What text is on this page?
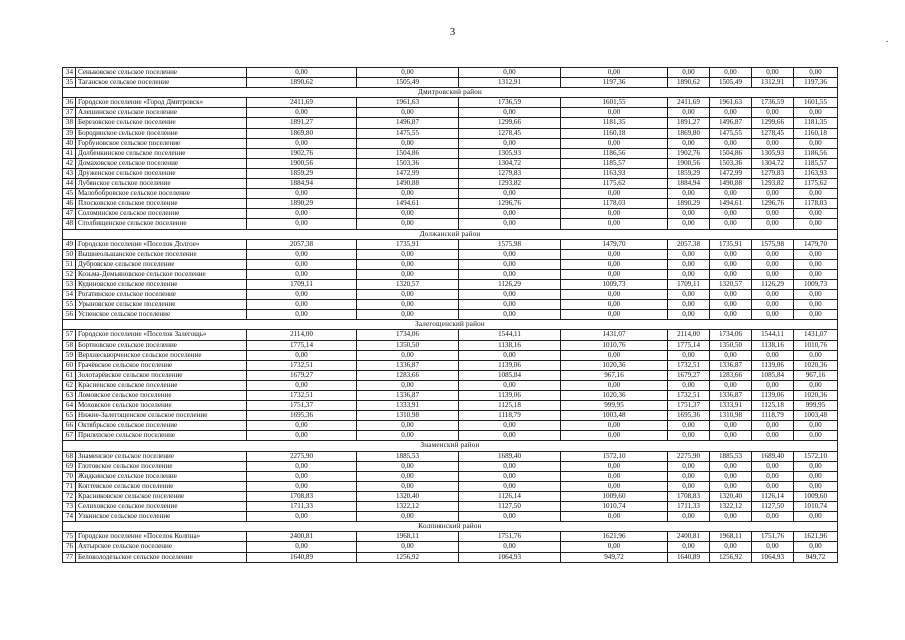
3
.
34	Сеньковское сельское поселение	0,00	0,00	0,00	0,00	0,00	0,00	0,00	0,00
35	Таганское сельское поселение	1890,62	1505,49	1312,91	1197,36	1890,62	1505,49	1312,91	1197,36
Дмитровский район									
36	Городское поселение «Город Дмитровск»	2411,69	1961,63	1736,59	1601,55	2411,69	1961,63	1736,59	1601,55
37	Алешинское сельское поселение	0,00	0,00	0,00	0,00	0,00	0,00	0,00	0,00
38	Березовское сельское поселение	1891,27	1496,87	1299,66	1181,35	1891,27	1496,87	1299,66	1181,35
39	Бородинское сельское поселение	1869,80	1475,55	1278,45	1160,18	1869,80	1475,55	1278,45	1160,18
40	Горбуновское сельское поселение	0,00	0,00	0,00	0,00	0,00	0,00	0,00	0,00
41	Долбенкинское сельское поселение	1902,76	1504,86	1305,93	1186,56	1902,76	1504,86	1305,93	1186,56
42	Домаховское сельское поселение	1900,56	1503,36	1304,72	1185,57	1900,56	1503,36	1304,72	1185,57
43	Друженское сельское поселение	1859,29	1472,99	1279,83	1163,93	1859,29	1472,99	1279,83	1163,93
44	Лубянское сельское поселение	1884,94	1490,88	1293,82	1175,62	1884,94	1490,88	1293,82	1175,62
45	Малобобровское сельское поселение	0,00	0,00	0,00	0,00	0,00	0,00	0,00	0,00
46	Плосковское сельское поселение	1890,29	1494,61	1296,76	1178,03	1890,29	1494,61	1296,76	1178,03
47	Соломинское сельское поселение	0,00	0,00	0,00	0,00	0,00	0,00	0,00	0,00
48	Столбищенское сельское поселение	0,00	0,00	0,00	0,00	0,00	0,00	0,00	0,00
Должанский район									
49	Городское поселение «Поселок Долгое»	2057,38	1735,91	1575,98	1479,70	2057,38	1735,91	1575,98	1479,70
50	Вышнеольшанское сельское поселение	0,00	0,00	0,00	0,00	0,00	0,00	0,00	0,00
51	Дубровское сельское поселение	0,00	0,00	0,00	0,00	0,00	0,00	0,00	0,00
52	Козьма-Демьяновское сельское поселение	0,00	0,00	0,00	0,00	0,00	0,00	0,00	0,00
53	Кудиновское сельское поселение	1709,11	1320,57	1126,29	1009,73	1709,11	1320,57	1126,29	1009,73
54	Рогатинское сельское поселение	0,00	0,00	0,00	0,00	0,00	0,00	0,00	0,00
55	Урыновское сельское поселение	0,00	0,00	0,00	0,00	0,00	0,00	0,00	0,00
56	Успенское сельское поселение	0,00	0,00	0,00	0,00	0,00	0,00	0,00	0,00
Залегощенский район									
57	Городское поселение «Поселок Залегощь»	2114,00	1734,06	1544,11	1431,07	2114,00	1734,06	1544,11	1431,07
58	Бортновское сельское поселение	1775,14	1350,50	1138,16	1010,76	1775,14	1350,50	1138,16	1010,76
59	Верхнескворченское сельское поселение	0,00	0,00	0,00	0,00	0,00	0,00	0,00	0,00
60	Грачёвское сельское поселение	1732,51	1336,87	1139,06	1020,36	1732,51	1336,87	1139,06	1020,36
61	Золотарёвское сельское поселение	1679,27	1283,66	1085,84	967,16	1679,27	1283,66	1085,84	967,16
62	Красненское сельское поселение	0,00	0,00	0,00	0,00	0,00	0,00	0,00	0,00
63	Ломовское сельское поселение	1732,51	1336,87	1139,06	1020,36	1732,51	1336,87	1139,06	1020,36
64	Моховское сельское поселение	1751,37	1333,91	1125,18	999,95	1751,37	1333,91	1125,18	999,95
65	Нижне-Залегощенское сельское поселение	1695,36	1310,98	1118,79	1003,48	1695,36	1310,98	1118,79	1003,48
66	Октябрьское сельское поселение	0,00	0,00	0,00	0,00	0,00	0,00	0,00	0,00
67	Прилепское сельское поселение	0,00	0,00	0,00	0,00	0,00	0,00	0,00	0,00
Знаменский район									
68	Знаменское сельское поселение	2275,90	1885,53	1689,40	1572,10	2275,90	1885,53	1689,40	1572,10
69	Глотовское сельское поселение	0,00	0,00	0,00	0,00	0,00	0,00	0,00	0,00
70	Жидкинское сельское поселение	0,00	0,00	0,00	0,00	0,00	0,00	0,00	0,00
71	Коптевское сельское поселение	0,00	0,00	0,00	0,00	0,00	0,00	0,00	0,00
72	Красниковское сельское поселение	1708,83	1320,40	1126,14	1009,60	1708,83	1320,40	1126,14	1009,60
73	Селиховское сельское поселение	1711,33	1322,12	1127,50	1010,74	1711,33	1322,12	1127,50	1010,74
74	Узкинское сельское поселение	0,00	0,00	0,00	0,00	0,00	0,00	0,00	0,00
Колпнянский район									
75	Городское поселение «Поселок Колпна»	2400,81	1968,11	1751,76	1621,96	2400,81	1968,11	1751,76	1621,96
76	Ахтырское сельское поселение	0,00	0,00	0,00	0,00	0,00	0,00	0,00	0,00
77	Белоколодезьское сельское поселение	1640,89	1256,92	1064,93	949,72	1640,89	1256,92	1064,93	949,72
